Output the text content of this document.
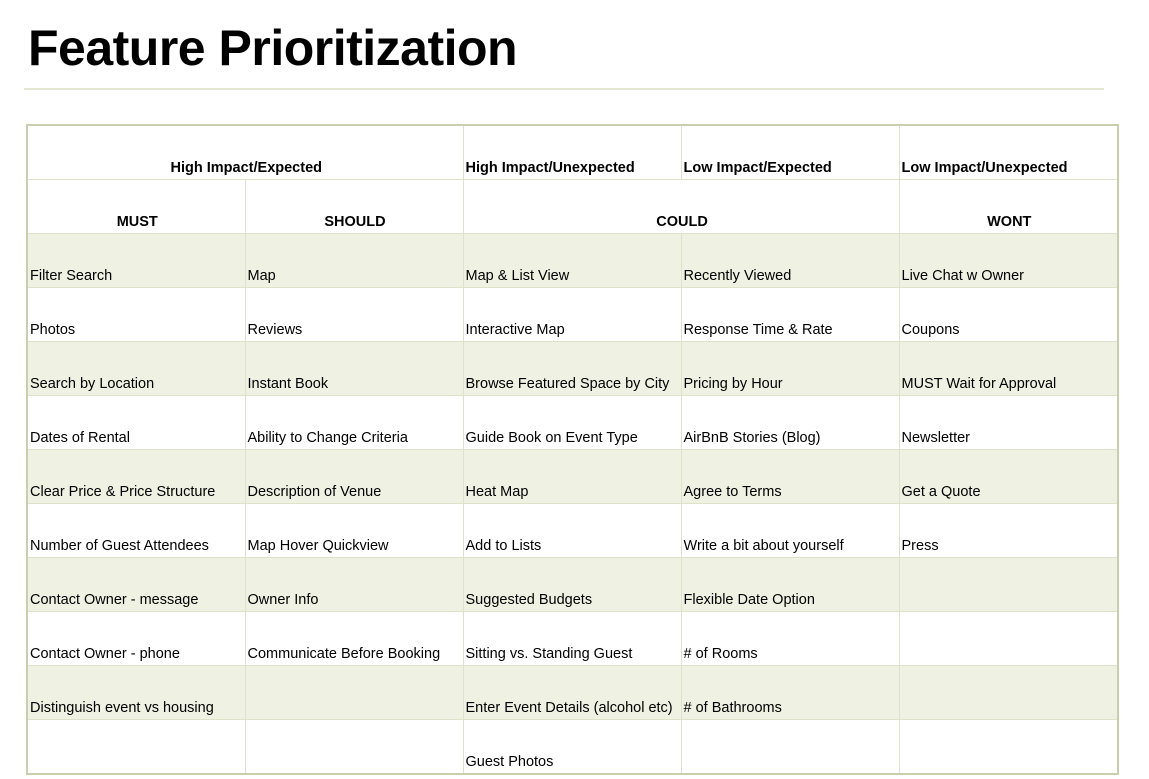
Feature Prioritization
High Impact/Expected		High Impact/Unexpected	Low Impact/Expected	Low Impact/Unexpected
MUST	SHOULD	COULD		WONT
Filter Search	Map	Map & List View	Recently Viewed	Live Chat w Owner
Photos	Reviews	Interactive Map	Response Time & Rate	Coupons
Search by Location	Instant Book	Browse Featured Space by City	Pricing by Hour	MUST Wait for Approval
Dates of Rental	Ability to Change Criteria	Guide Book on Event Type	AirBnB Stories (Blog)	Newsletter
Clear Price & Price Structure	Description of Venue	Heat Map	Agree to Terms	Get a Quote
Number of Guest Attendees	Map Hover Quickview	Add to Lists	Write a bit about yourself	Press
Contact Owner - message	Owner Info	Suggested Budgets	Flexible Date Option	
Contact Owner - phone	Communicate Before Booking	Sitting vs. Standing Guest	# of Rooms	
Distinguish event vs housing		Enter Event Details (alcohol etc)	# of Bathrooms	
		Guest Photos		
